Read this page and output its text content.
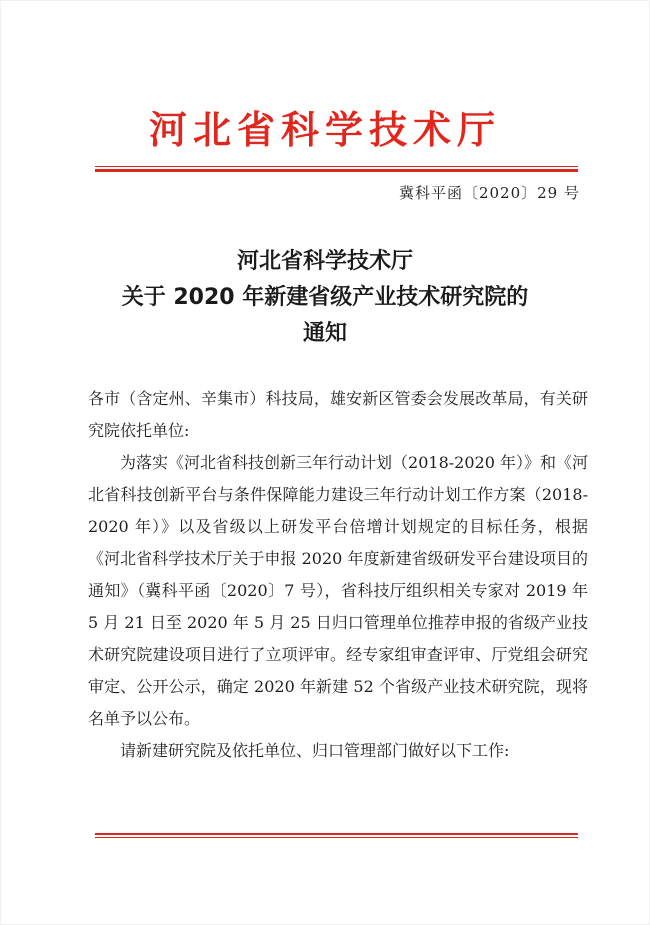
河北省科学技术厅
冀科平函〔2020〕29 号
河北省科学技术厅
关于 2020 年新建省级产业技术研究院的
通知

各市（含定州、辛集市）科技局，雄安新区管委会发展改革局，有关研究院依托单位:

为落实《河北省科技创新三年行动计划（2018-2020 年）》和《河北省科技创新平台与条件保障能力建设三年行动计划工作方案（2018-2020 年）》以及省级以上研发平台倍增计划规定的目标任务，根据《河北省科学技术厅关于申报 2020 年度新建省级研发平台建设项目的通知》（冀科平函〔2020〕7 号），省科技厅组织相关专家对 2019 年 5 月 21 日至 2020 年 5 月 25 日归口管理单位推荐申报的省级产业技术研究院建设项目进行了立项评审。经专家组审查评审、厅党组会研究审定、公开公示，确定 2020 年新建 52 个省级产业技术研究院，现将名单予以公布。

请新建研究院及依托单位、归口管理部门做好以下工作:
